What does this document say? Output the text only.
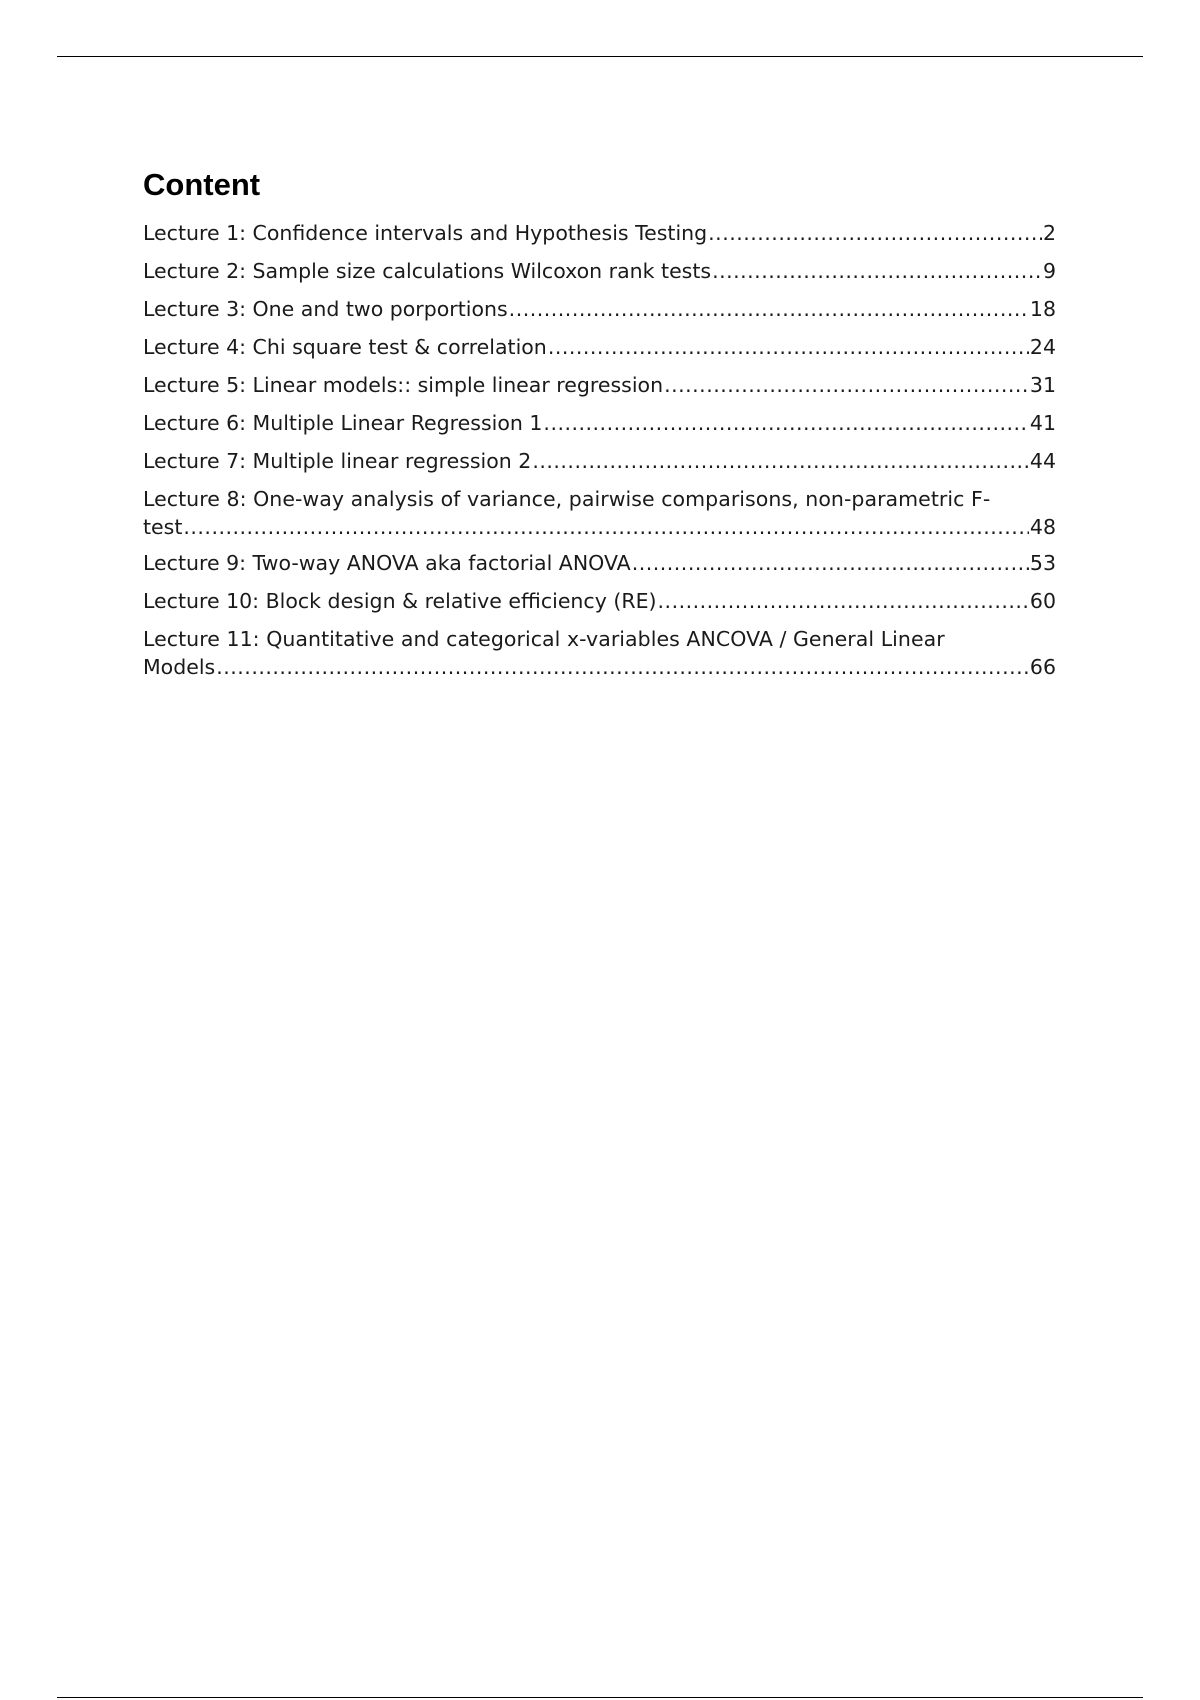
Content
Lecture 1: Confidence intervals and Hypothesis Testing .....	2
Lecture 2: Sample size calculations Wilcoxon rank tests .....	9
Lecture 3: One and two porportions .....	18
Lecture 4: Chi square test & correlation .....	24
Lecture 5: Linear models:: simple linear regression .....	31
Lecture 6: Multiple Linear Regression 1 .....	41
Lecture 7: Multiple linear regression 2 .....	44
Lecture 8: One-way analysis of variance, pairwise comparisons, non-parametric F-
test .....	48
Lecture 9: Two-way ANOVA aka factorial ANOVA .....	53
Lecture 10: Block design & relative efficiency (RE) .....	60
Lecture 11: Quantitative and categorical x-variables ANCOVA / General Linear
Models .....	66
